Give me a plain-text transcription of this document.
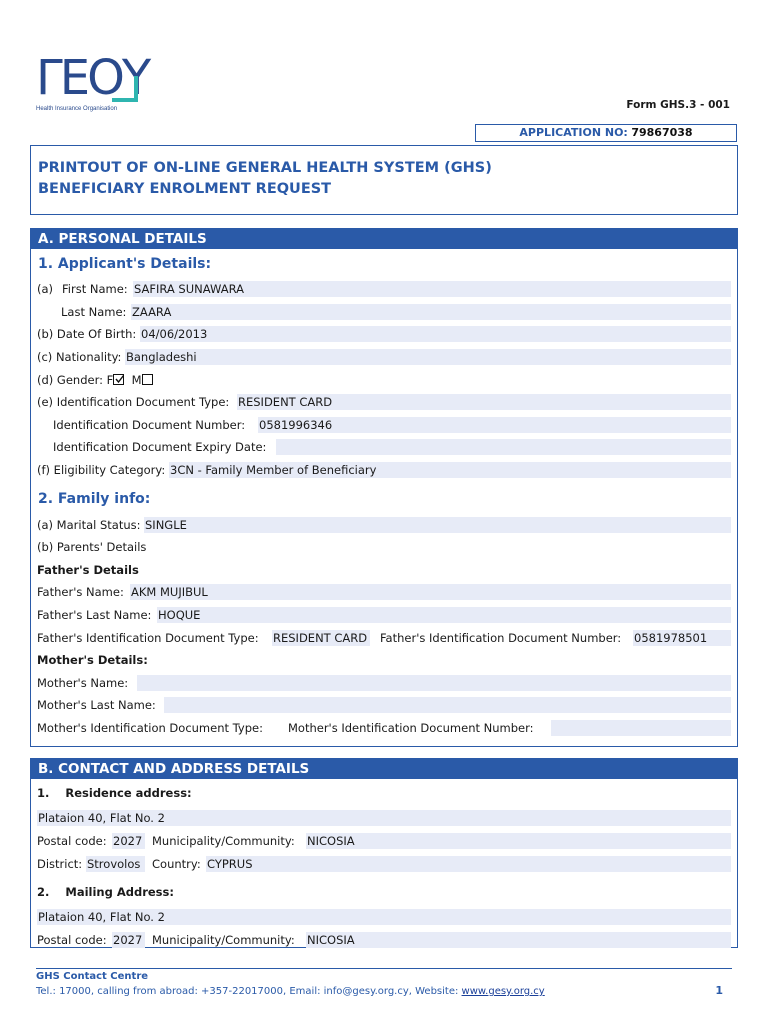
ΓΕΟΥ
Health Insurance Organisation	Form GHS.3 - 001
APPLICATION NO: 79867038
PRINTOUT OF ON-LINE GENERAL HEALTH SYSTEM (GHS)
BENEFICIARY ENROLMENT REQUEST
A. PERSONAL DETAILS
1. Applicant's Details:
(a) First Name: SAFIRA SUNAWARA
Last Name: ZAARA
(b) Date Of Birth: 04/06/2013
(c) Nationality: Bangladeshi
(d) Gender: F M
(e) Identification Document Type: RESIDENT CARD
Identification Document Number: 0581996346
Identification Document Expiry Date:
(f) Eligibility Category: 3CN - Family Member of Beneficiary
2. Family info:
(a) Marital Status: SINGLE
(b) Parents' Details
Father's Details
Father's Name: AKM MUJIBUL
Father's Last Name: HOQUE
Father's Identification Document Type: RESIDENT CARD Father's Identification Document Number: 0581978501
Mother's Details:
Mother's Name:
Mother's Last Name:
Mother's Identification Document Type: Mother's Identification Document Number:
B. CONTACT AND ADDRESS DETAILS
1.    Residence address:
Plataion 40, Flat No. 2
Postal code: 2027 Municipality/Community: NICOSIA
District: Strovolos	Country: CYPRUS
2.    Mailing Address:
Plataion 40, Flat No. 2
Postal code: 2027 Municipality/Community: NICOSIA
GHS Contact Centre
Tel.: 17000, calling from abroad: +357-22017000, Email: info@gesy.org.cy, Website: www.gesy.org.cy	1
